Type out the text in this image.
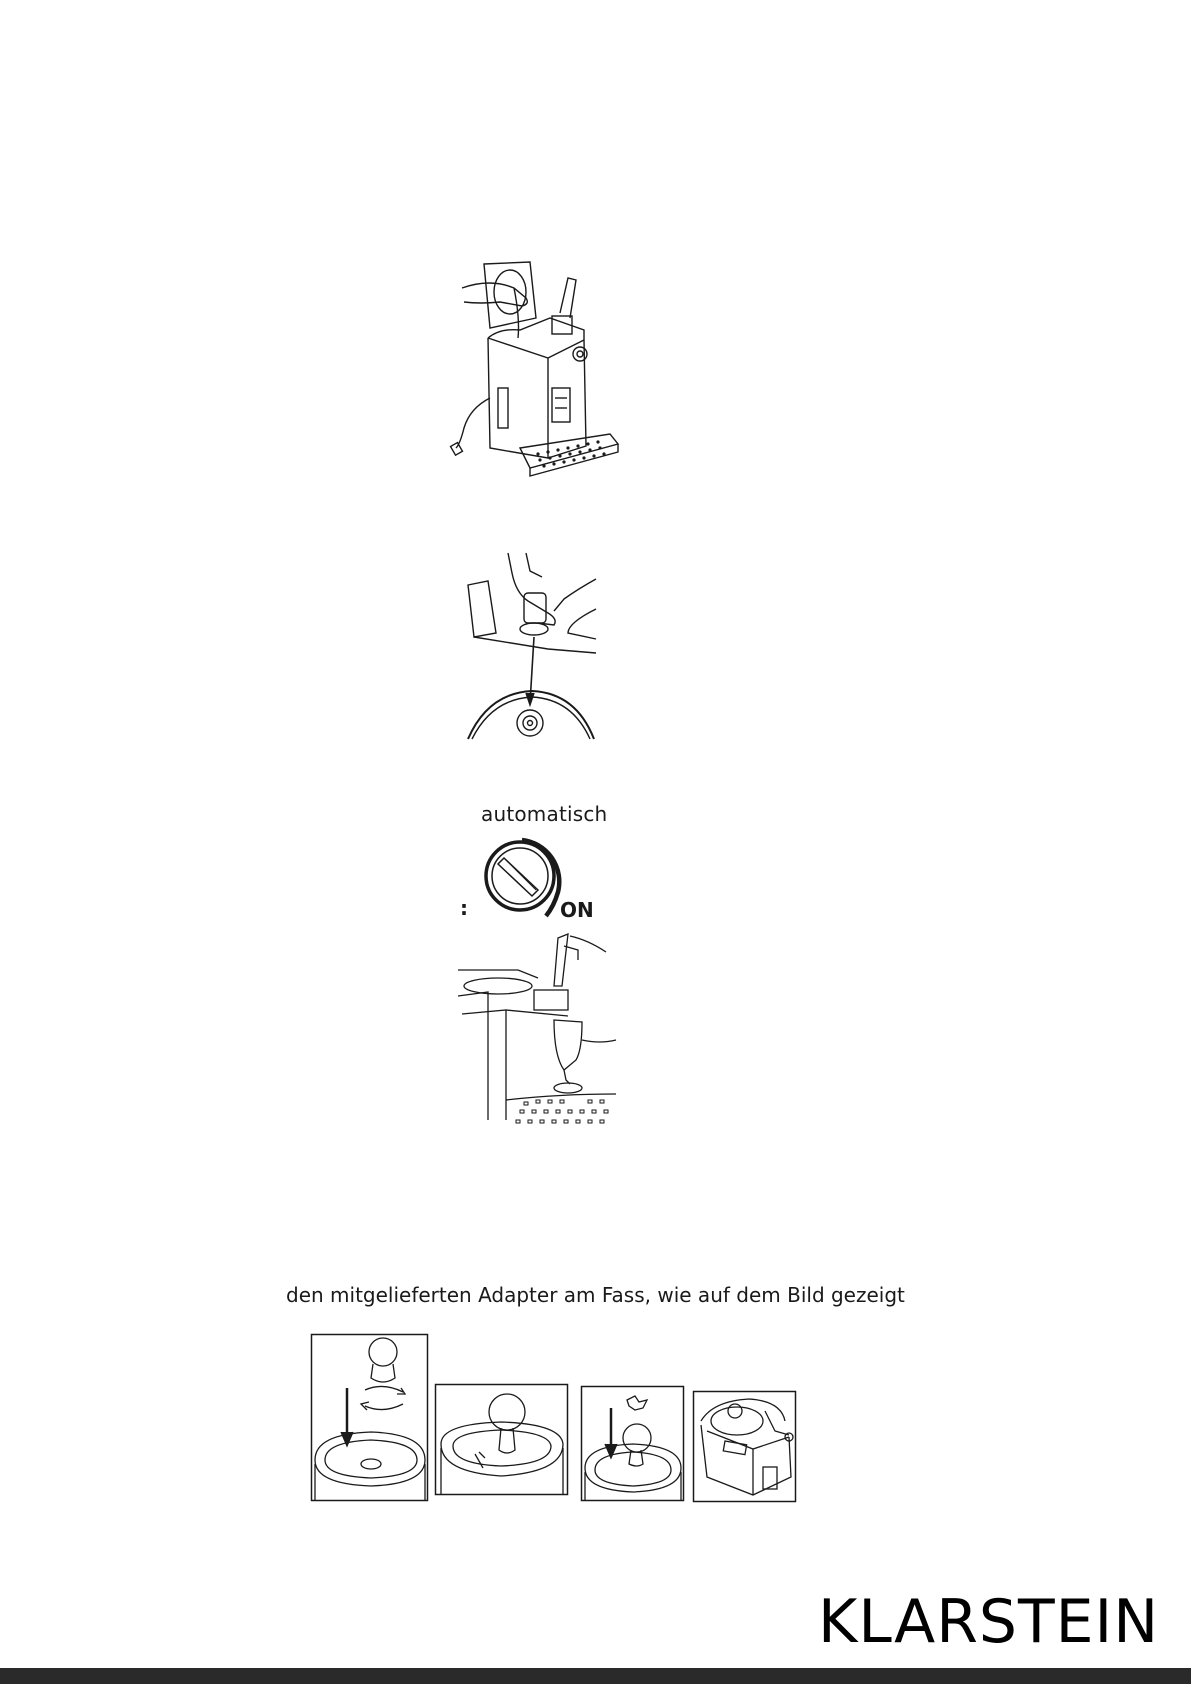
automatisch
:	ON
den mitgelieferten Adapter am Fass, wie auf dem Bild gezeigt
KLARSTEIN
